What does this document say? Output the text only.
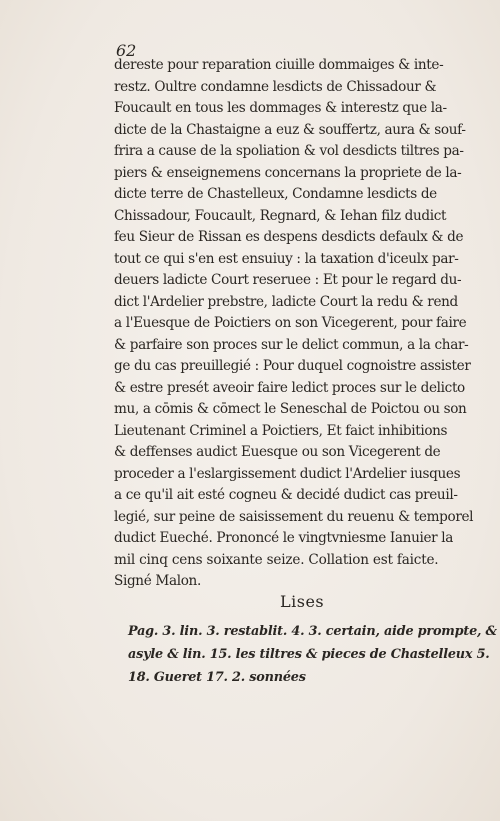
62
dereste pour reparation ciuille dommaiges & inte-
restz. Oultre condamne lesdicts de Chissadour &
Foucault en tous les dommages & interestz que la-
dicte de la Chastaigne a euz & souffertz, aura & souf-
frira a cause de la spoliation & vol desdicts tiltres pa-
piers & enseignemens concernans la propriete de la-
dicte terre de Chastelleux, Condamne lesdicts de
Chissadour, Foucault, Regnard, & Iehan filz dudict
feu Sieur de Rissan es despens desdicts defaulx & de
tout ce qui s'en est ensuiuy : la taxation d'iceulx par-
deuers ladicte Court reseruee : Et pour le regard du-
dict l'Ardelier prebstre, ladicte Court la redu & rend
a l'Euesque de Poictiers on son Vicegerent, pour faire
& parfaire son proces sur le delict commun, a la char-
ge du cas preuillegié : Pour duquel cognoistre assister
& estre presét aveoir faire ledict proces sur le delicto
mu, a cōmis & cōmect le Seneschal de Poictou ou son
Lieutenant Criminel a Poictiers, Et faict inhibitions
& deffenses audict Euesque ou son Vicegerent de
proceder a l'eslargissement dudict l'Ardelier iusques
a ce qu'il ait esté cogneu & decidé dudict cas preuil-
legié, sur peine de saisissement du reuenu & temporel
dudict Eueché. Prononcé le vingtvniesme Ianuier la
mil cinq cens soixante seize. Collation est faicte.
Signé Malon.
Lises
Pag. 3. lin. 3. restablit. 4. 3. certain, aide prompte, &
asyle & lin. 15. les tiltres & pieces de Chastelleux 5.
18. Gueret 17. 2. sonnées
